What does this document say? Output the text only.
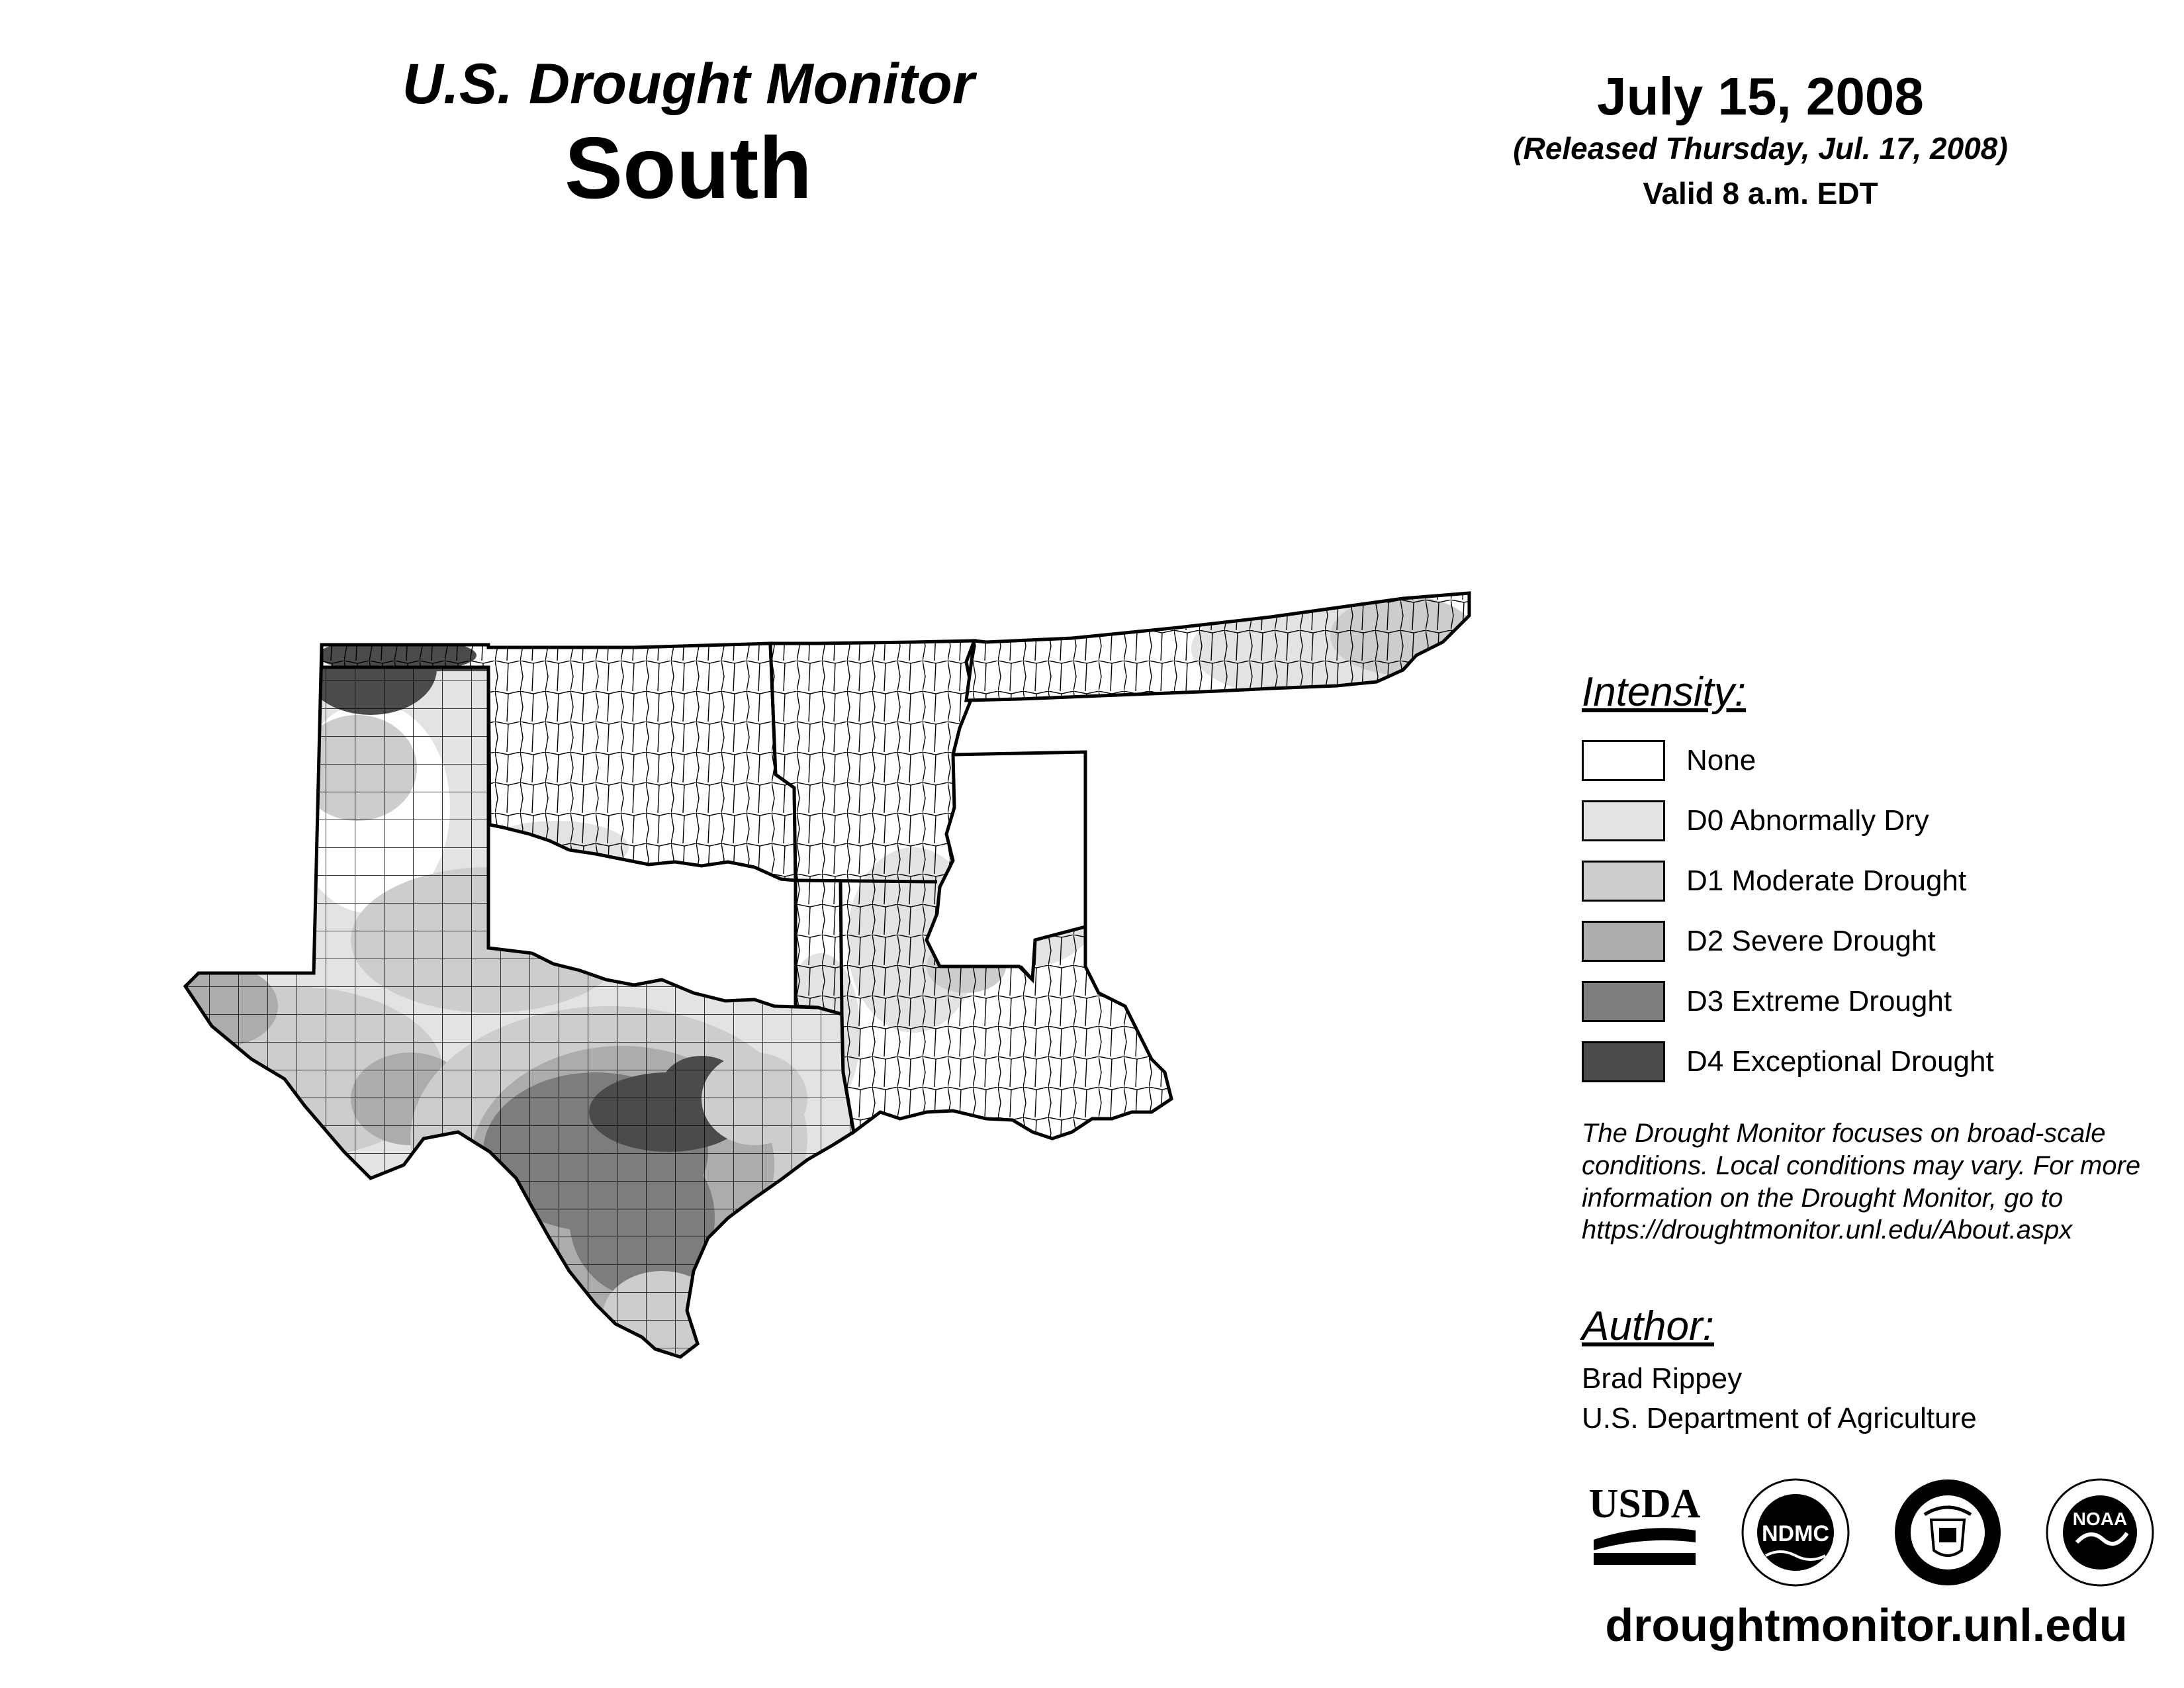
U.S. Drought Monitor
South
July 15, 2008
(Released Thursday, Jul. 17, 2008)
Valid 8 a.m. EDT
Intensity:
None
D0 Abnormally Dry
D1 Moderate Drought
D2 Severe Drought
D3 Extreme Drought
D4 Exceptional Drought
The Drought Monitor focuses on broad-scale conditions. Local conditions may vary. For more information on the Drought Monitor, go to https://droughtmonitor.unl.edu/About.aspx
Author:
Brad Rippey
U.S. Department of Agriculture
USDA
NDMC
NOAA
droughtmonitor.unl.edu
